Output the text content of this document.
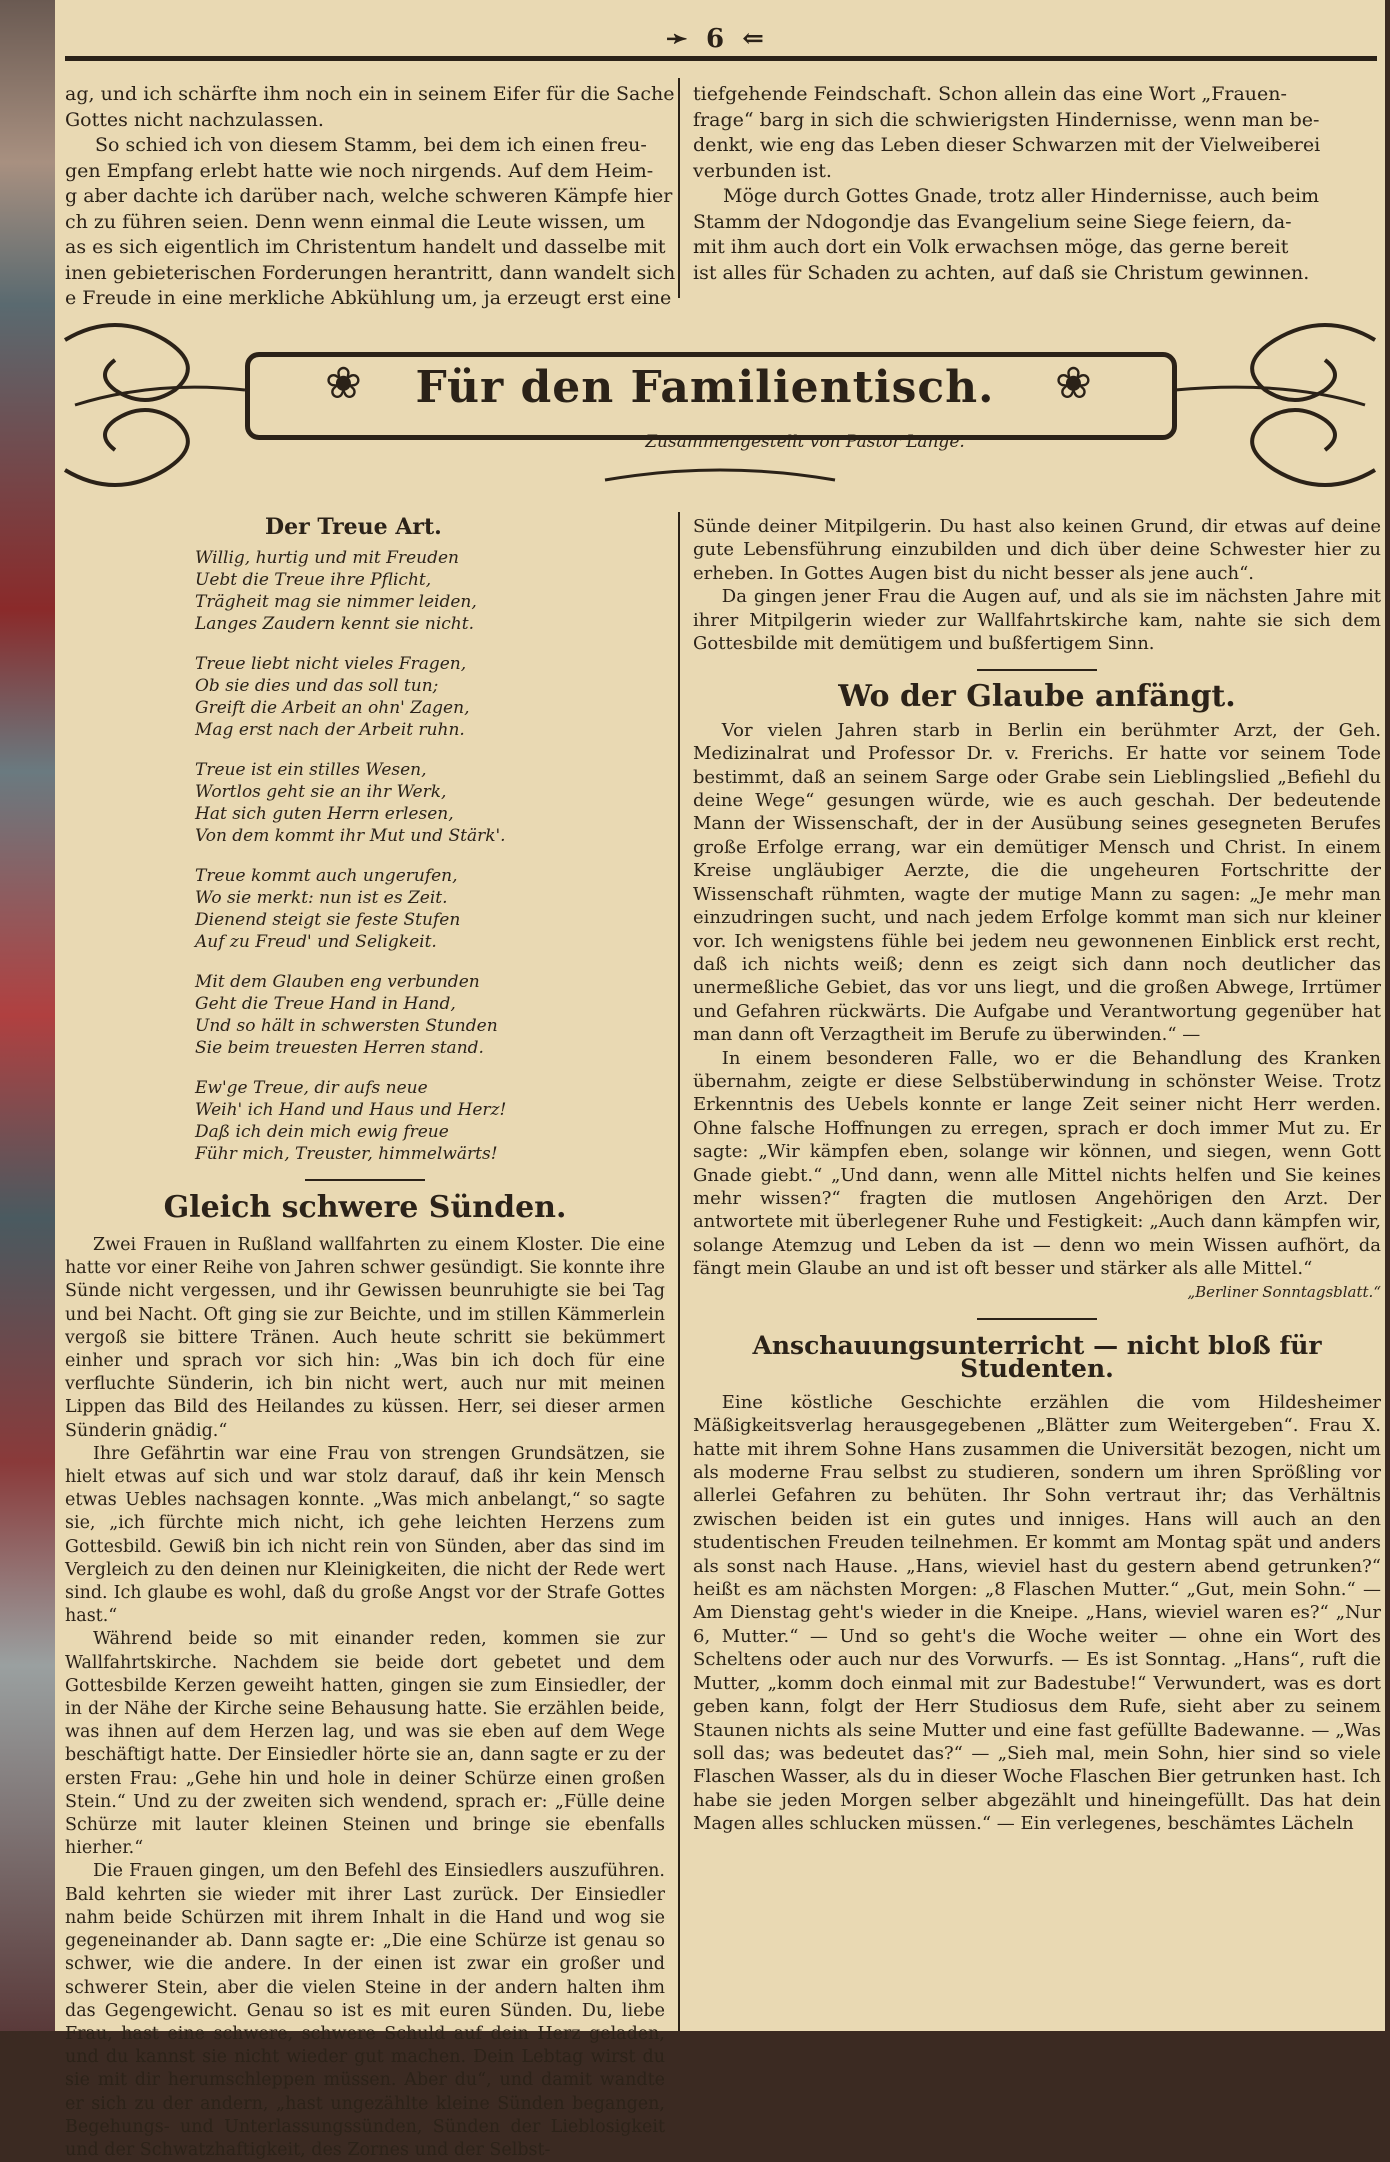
➛ 6 ⇐
ag, und ich schärfte ihm noch ein in seinem Eifer für die Sache
Gottes nicht nachzulassen.
So schied ich von diesem Stamm, bei dem ich einen freu-
gen Empfang erlebt hatte wie noch nirgends. Auf dem Heim-
g aber dachte ich darüber nach, welche schweren Kämpfe hier
ch zu führen seien. Denn wenn einmal die Leute wissen, um
as es sich eigentlich im Christentum handelt und dasselbe mit
inen gebieterischen Forderungen herantritt, dann wandelt sich
e Freude in eine merkliche Abkühlung um, ja erzeugt erst eine
tiefgehende Feindschaft. Schon allein das eine Wort „Frauen-
frage“ barg in sich die schwierigsten Hindernisse, wenn man be-
denkt, wie eng das Leben dieser Schwarzen mit der Vielweiberei
verbunden ist.
Möge durch Gottes Gnade, trotz aller Hindernisse, auch beim
Stamm der Ndogondje das Evangelium seine Siege feiern, da-
mit ihm auch dort ein Volk erwachsen möge, das gerne bereit
ist alles für Schaden zu achten, auf daß sie Christum gewinnen.
❀	❀
Für den Familientisch.
Zusammengestellt von Pastor Lange.
Der Treue Art.
Willig, hurtig und mit Freuden
Uebt die Treue ihre Pflicht,
Trägheit mag sie nimmer leiden,
Langes Zaudern kennt sie nicht.
Treue liebt nicht vieles Fragen,
Ob sie dies und das soll tun;
Greift die Arbeit an ohn' Zagen,
Mag erst nach der Arbeit ruhn.
Treue ist ein stilles Wesen,
Wortlos geht sie an ihr Werk,
Hat sich guten Herrn erlesen,
Von dem kommt ihr Mut und Stärk'.
Treue kommt auch ungerufen,
Wo sie merkt: nun ist es Zeit.
Dienend steigt sie feste Stufen
Auf zu Freud' und Seligkeit.
Mit dem Glauben eng verbunden
Geht die Treue Hand in Hand,
Und so hält in schwersten Stunden
Sie beim treuesten Herren stand.
Ew'ge Treue, dir aufs neue
Weih' ich Hand und Haus und Herz!
Daß ich dein mich ewig freue
Führ mich, Treuster, himmelwärts!
Gleich schwere Sünden.

Zwei Frauen in Rußland wallfahrten zu einem Kloster. Die eine hatte vor einer Reihe von Jahren schwer gesündigt. Sie konnte ihre Sünde nicht vergessen, und ihr Gewissen beunruhigte sie bei Tag und bei Nacht. Oft ging sie zur Beichte, und im stillen Kämmerlein vergoß sie bittere Tränen. Auch heute schritt sie bekümmert einher und sprach vor sich hin: „Was bin ich doch für eine verfluchte Sünderin, ich bin nicht wert, auch nur mit meinen Lippen das Bild des Heilandes zu küssen. Herr, sei dieser armen Sünderin gnädig.“

Ihre Gefährtin war eine Frau von strengen Grundsätzen, sie hielt etwas auf sich und war stolz darauf, daß ihr kein Mensch etwas Uebles nachsagen konnte. „Was mich anbelangt,“ so sagte sie, „ich fürchte mich nicht, ich gehe leichten Herzens zum Gottesbild. Gewiß bin ich nicht rein von Sünden, aber das sind im Vergleich zu den deinen nur Kleinigkeiten, die nicht der Rede wert sind. Ich glaube es wohl, daß du große Angst vor der Strafe Gottes hast.“

Während beide so mit einander reden, kommen sie zur Wallfahrtskirche. Nachdem sie beide dort gebetet und dem Gottesbilde Kerzen geweiht hatten, gingen sie zum Einsiedler, der in der Nähe der Kirche seine Behausung hatte. Sie erzählen beide, was ihnen auf dem Herzen lag, und was sie eben auf dem Wege beschäftigt hatte. Der Einsiedler hörte sie an, dann sagte er zu der ersten Frau: „Gehe hin und hole in deiner Schürze einen großen Stein.“ Und zu der zweiten sich wendend, sprach er: „Fülle deine Schürze mit lauter kleinen Steinen und bringe sie ebenfalls hierher.“

Die Frauen gingen, um den Befehl des Einsiedlers auszuführen. Bald kehrten sie wieder mit ihrer Last zurück. Der Einsiedler nahm beide Schürzen mit ihrem Inhalt in die Hand und wog sie gegeneinander ab. Dann sagte er: „Die eine Schürze ist genau so schwer, wie die andere. In der einen ist zwar ein großer und schwerer Stein, aber die vielen Steine in der andern halten ihm das Gegengewicht. Genau so ist es mit euren Sünden. Du, liebe Frau, hast eine schwere, schwere Schuld auf dein Herz geladen, und du kannst sie nicht wieder gut machen. Dein Lebtag wirst du sie mit dir herumschleppen müssen. Aber du“, und damit wandte er sich zu der andern, „hast ungezählte kleine Sünden begangen, Begehungs- und Unterlassungssünden, Sünden der Lieblosigkeit und der Schwatzhaftigkeit, des Zornes und der Selbst-

Sünde deiner Mitpilgerin. Du hast also keinen Grund, dir etwas auf deine gute Lebensführung einzubilden und dich über deine Schwester hier zu erheben. In Gottes Augen bist du nicht besser als jene auch“.

Da gingen jener Frau die Augen auf, und als sie im nächsten Jahre mit ihrer Mitpilgerin wieder zur Wallfahrtskirche kam, nahte sie sich dem Gottesbilde mit demütigem und bußfertigem Sinn.

Wo der Glaube anfängt.

Vor vielen Jahren starb in Berlin ein berühmter Arzt, der Geh. Medizinalrat und Professor Dr. v. Frerichs. Er hatte vor seinem Tode bestimmt, daß an seinem Sarge oder Grabe sein Lieblingslied „Befiehl du deine Wege“ gesungen würde, wie es auch geschah. Der bedeutende Mann der Wissenschaft, der in der Ausübung seines gesegneten Berufes große Erfolge errang, war ein demütiger Mensch und Christ. In einem Kreise ungläubiger Aerzte, die die ungeheuren Fortschritte der Wissenschaft rühmten, wagte der mutige Mann zu sagen: „Je mehr man einzudringen sucht, und nach jedem Erfolge kommt man sich nur kleiner vor. Ich wenigstens fühle bei jedem neu gewonnenen Einblick erst recht, daß ich nichts weiß; denn es zeigt sich dann noch deutlicher das unermeßliche Gebiet, das vor uns liegt, und die großen Abwege, Irrtümer und Gefahren rückwärts. Die Aufgabe und Verantwortung gegenüber hat man dann oft Verzagtheit im Berufe zu überwinden.“ —

In einem besonderen Falle, wo er die Behandlung des Kranken übernahm, zeigte er diese Selbstüberwindung in schönster Weise. Trotz Erkenntnis des Uebels konnte er lange Zeit seiner nicht Herr werden. Ohne falsche Hoffnungen zu erregen, sprach er doch immer Mut zu. Er sagte: „Wir kämpfen eben, solange wir können, und siegen, wenn Gott Gnade giebt.“ „Und dann, wenn alle Mittel nichts helfen und Sie keines mehr wissen?“ fragten die mutlosen Angehörigen den Arzt. Der antwortete mit überlegener Ruhe und Festigkeit: „Auch dann kämpfen wir, solange Atemzug und Leben da ist — denn wo mein Wissen aufhört, da fängt mein Glaube an und ist oft besser und stärker als alle Mittel.“

„Berliner Sonntagsblatt.“
Anschauungsunterricht — nicht bloß für Studenten.

Eine köstliche Geschichte erzählen die vom Hildesheimer Mäßigkeitsverlag herausgegebenen „Blätter zum Weitergeben“. Frau X. hatte mit ihrem Sohne Hans zusammen die Universität bezogen, nicht um als moderne Frau selbst zu studieren, sondern um ihren Sprößling vor allerlei Gefahren zu behüten. Ihr Sohn vertraut ihr; das Verhältnis zwischen beiden ist ein gutes und inniges. Hans will auch an den studentischen Freuden teilnehmen. Er kommt am Montag spät und anders als sonst nach Hause. „Hans, wieviel hast du gestern abend getrunken?“ heißt es am nächsten Morgen: „8 Flaschen Mutter.“ „Gut, mein Sohn.“ — Am Dienstag geht's wieder in die Kneipe. „Hans, wieviel waren es?“ „Nur 6, Mutter.“ — Und so geht's die Woche weiter — ohne ein Wort des Scheltens oder auch nur des Vorwurfs. — Es ist Sonntag. „Hans“, ruft die Mutter, „komm doch einmal mit zur Badestube!“ Verwundert, was es dort geben kann, folgt der Herr Studiosus dem Rufe, sieht aber zu seinem Staunen nichts als seine Mutter und eine fast gefüllte Badewanne. — „Was soll das; was bedeutet das?“ — „Sieh mal, mein Sohn, hier sind so viele Flaschen Wasser, als du in dieser Woche Flaschen Bier getrunken hast. Ich habe sie jeden Morgen selber abgezählt und hineingefüllt. Das hat dein Magen alles schlucken müssen.“ — Ein verlegenes, beschämtes Lächeln
